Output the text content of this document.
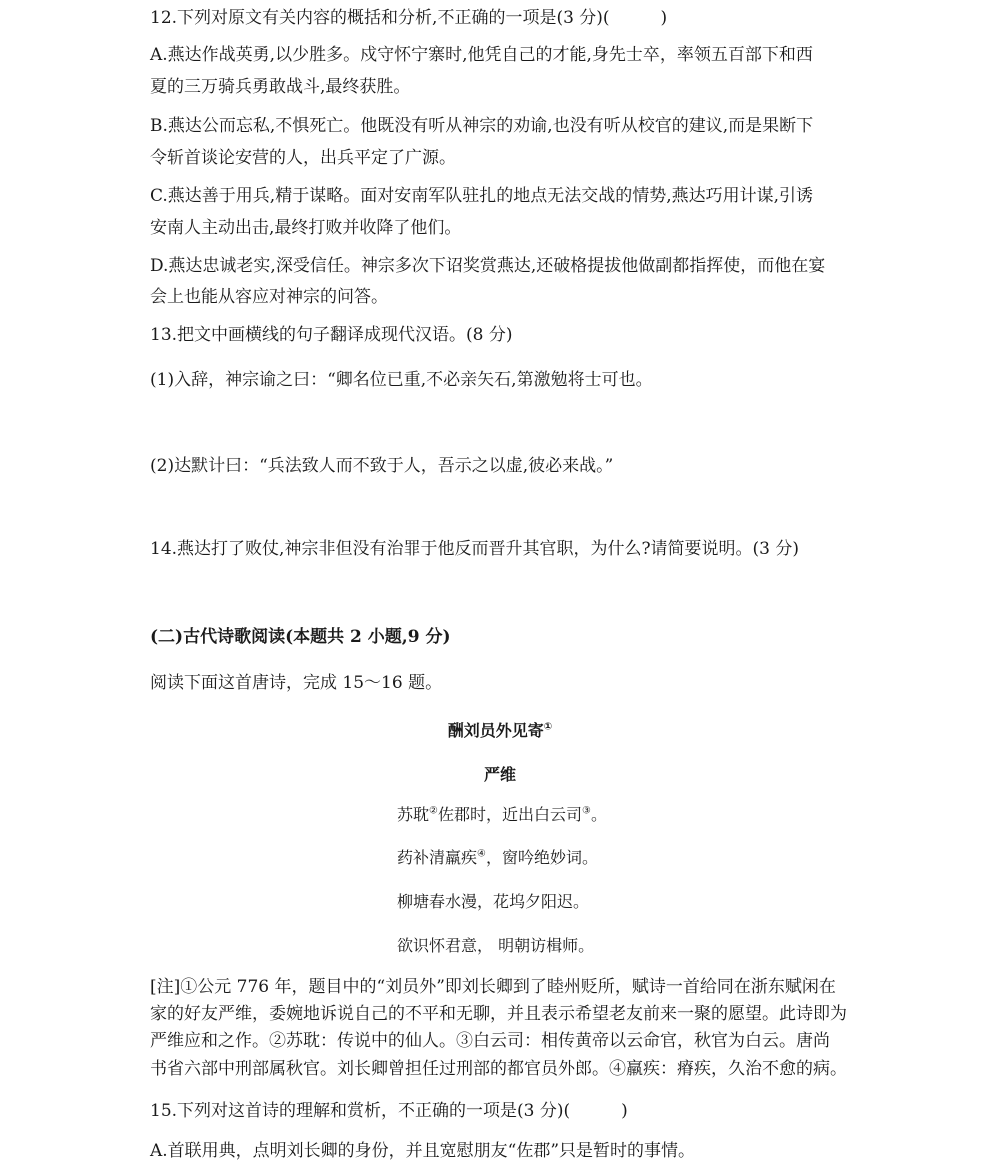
12.下列对原文有关内容的概括和分析,不正确的一项是(3 分)(　　　)
A.燕达作战英勇,以少胜多。戍守怀宁寨时,他凭自己的才能,身先士卒，率领五百部下和西
夏的三万骑兵勇敢战斗,最终获胜。
B.燕达公而忘私,不惧死亡。他既没有听从神宗的劝谕,也没有听从校官的建议,而是果断下
令斩首谈论安营的人，出兵平定了广源。
C.燕达善于用兵,精于谋略。面对安南军队驻扎的地点无法交战的情势,燕达巧用计谋,引诱
安南人主动出击,最终打败并收降了他们。
D.燕达忠诚老实,深受信任。神宗多次下诏奖赏燕达,还破格提拔他做副都指挥使，而他在宴
会上也能从容应对神宗的问答。
13.把文中画横线的句子翻译成现代汉语。(8 分)
(1)入辞，神宗谕之曰：“卿名位已重,不必亲矢石,第激勉将士可也。
(2)达默计曰：“兵法致人而不致于人，吾示之以虚,彼必来战。”
14.燕达打了败仗,神宗非但没有治罪于他反而晋升其官职，为什么?请简要说明。(3 分)
(二)古代诗歌阅读(本题共 2 小题,9 分)
阅读下面这首唐诗，完成 15～16 题。
酬刘员外见寄①
严维
苏耽②佐郡时，近出白云司③。
药补清羸疾④，窗吟绝妙词。
柳塘春水漫，花坞夕阳迟。
欲识怀君意， 明朝访楫师。
[注]①公元 776 年，题目中的“刘员外”即刘长卿到了睦州贬所，赋诗一首给同在浙东赋闲在
家的好友严维，委婉地诉说自己的不平和无聊，并且表示希望老友前来一聚的愿望。此诗即为
严维应和之作。②苏耽：传说中的仙人。③白云司：相传黄帝以云命官，秋官为白云。唐尚
书省六部中刑部属秋官。刘长卿曾担任过刑部的都官员外郎。④羸疾：瘠疾，久治不愈的病。
15.下列对这首诗的理解和赏析，不正确的一项是(3 分)(　　　)
A.首联用典，点明刘长卿的身份，并且宽慰朋友“佐郡”只是暂时的事情。
